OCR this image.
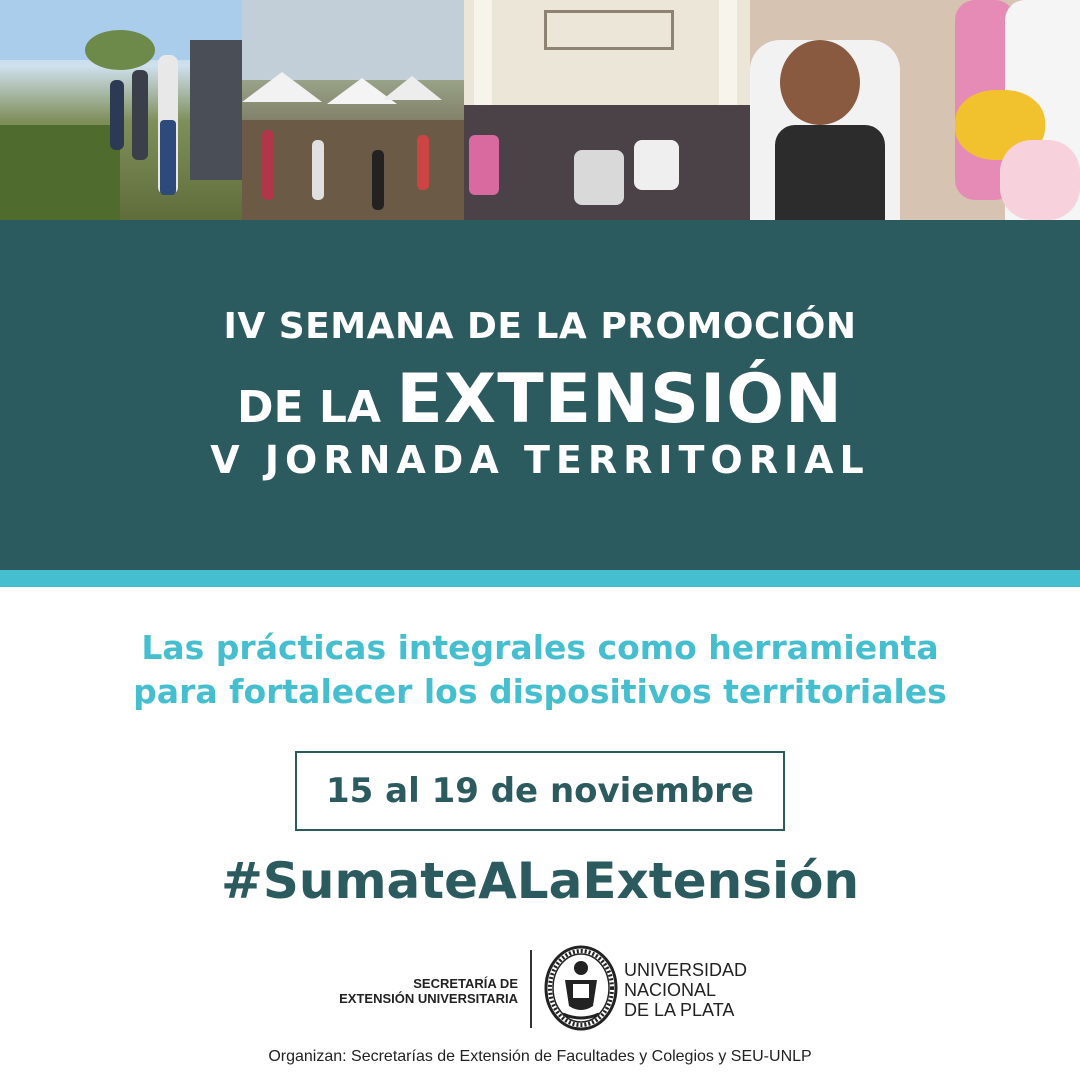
IV SEMANA DE LA PROMOCIÓN
DE LA EXTENSIÓN
V JORNADA TERRITORIAL
Las prácticas integrales como herramienta
para fortalecer los dispositivos territoriales
15 al 19 de noviembre
#SumateALaExtensión
SECRETARÍA DE
EXTENSIÓN UNIVERSITARIA
UNIVERSIDAD
NACIONAL
DE LA PLATA
Organizan: Secretarías de Extensión de Facultades y Colegios y SEU-UNLP
